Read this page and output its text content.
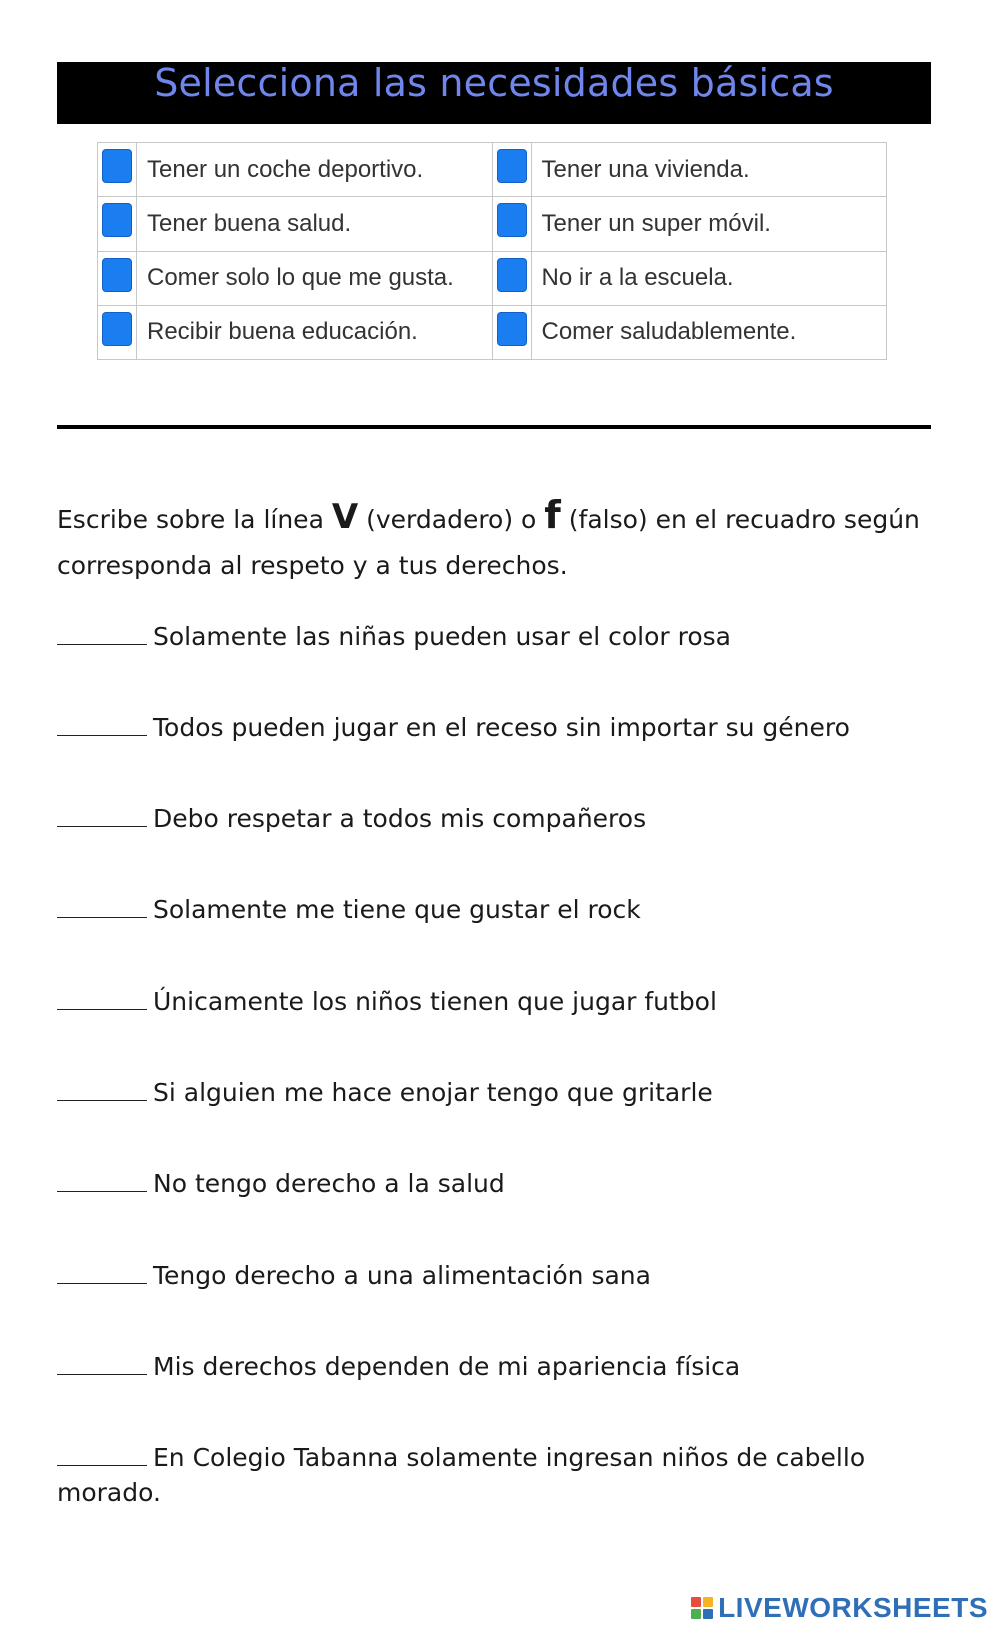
Selecciona las necesidades básicas
	Tener un coche deportivo.		Tener una vivienda.
	Tener buena salud.		Tener un super móvil.
	Comer solo lo que me gusta.		No ir a la escuela.
	Recibir buena educación.		Comer saludablemente.
Escribe sobre la línea V (verdadero) o f (falso) en el recuadro según corresponda al respeto y a tus derechos.
Solamente las niñas pueden usar el color rosa
Todos pueden jugar en el receso sin importar su género
Debo respetar a todos mis compañeros
Solamente me tiene que gustar el rock
Únicamente los niños tienen que jugar futbol
Si alguien me hace enojar tengo que gritarle
No tengo derecho a la salud
Tengo derecho a una alimentación sana
Mis derechos dependen de mi apariencia física
En Colegio Tabanna solamente ingresan niños de cabello morado.
LIVEWORKSHEETS
